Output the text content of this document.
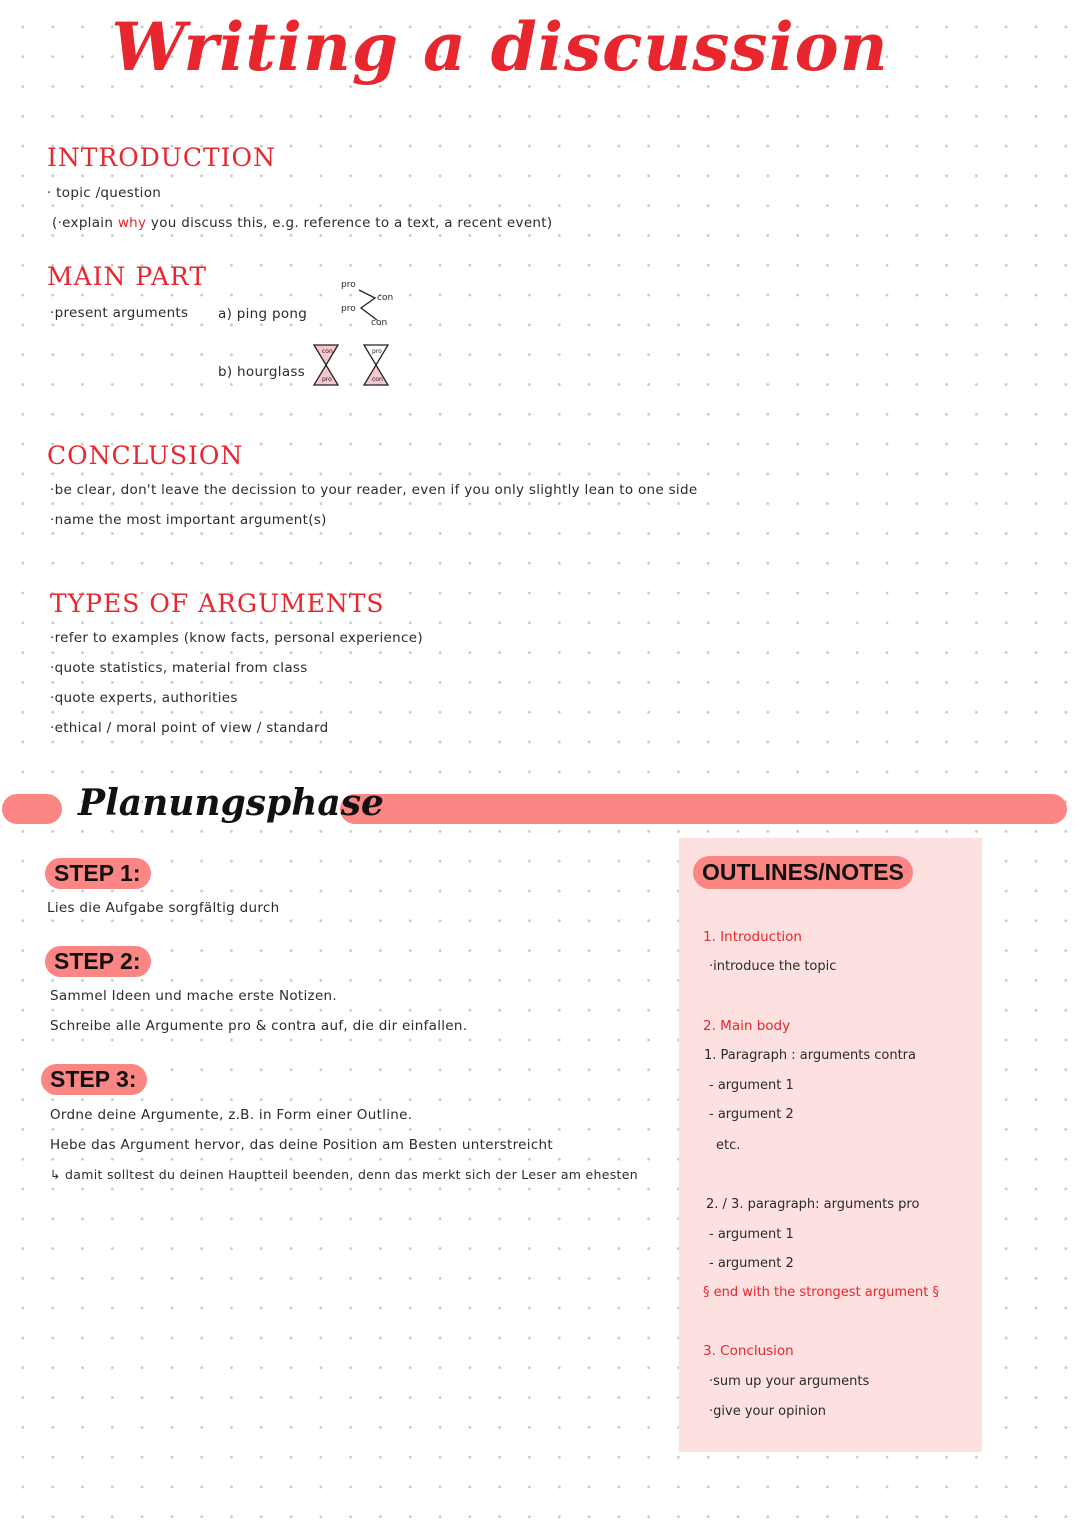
Writing a discussion
INTRODUCTION
· topic /question
(·explain why you discuss this, e.g. reference to a text, a recent event)
MAIN PART
·present arguments a) ping pong
pro
pro
con
con
b) hourglass
con
pro
pro
con
CONCLUSION
·be clear, don't leave the decission to your reader, even if you only slightly lean to one side
·name the most important argument(s)
TYPES OF ARGUMENTS
·refer to examples (know facts, personal experience)
·quote statistics, material from class
·quote experts, authorities
·ethical / moral point of view / standard
Planungsphase
STEP 1:
Lies die Aufgabe sorgfältig durch
STEP 2:
Sammel Ideen und mache erste Notizen.
Schreibe alle Argumente pro & contra auf, die dir einfallen.
STEP 3:
Ordne deine Argumente, z.B. in Form einer Outline.
Hebe das Argument hervor, das deine Position am Besten unterstreicht
↳ damit solltest du deinen Hauptteil beenden, denn das merkt sich der Leser am ehesten
OUTLINES/NOTES
1. Introduction
·introduce the topic
2. Main body
1. Paragraph : arguments contra
- argument 1
- argument 2
etc.
2. / 3. paragraph: arguments pro
- argument 1
- argument 2
§ end with the strongest argument §
3. Conclusion
·sum up your arguments
·give your opinion
